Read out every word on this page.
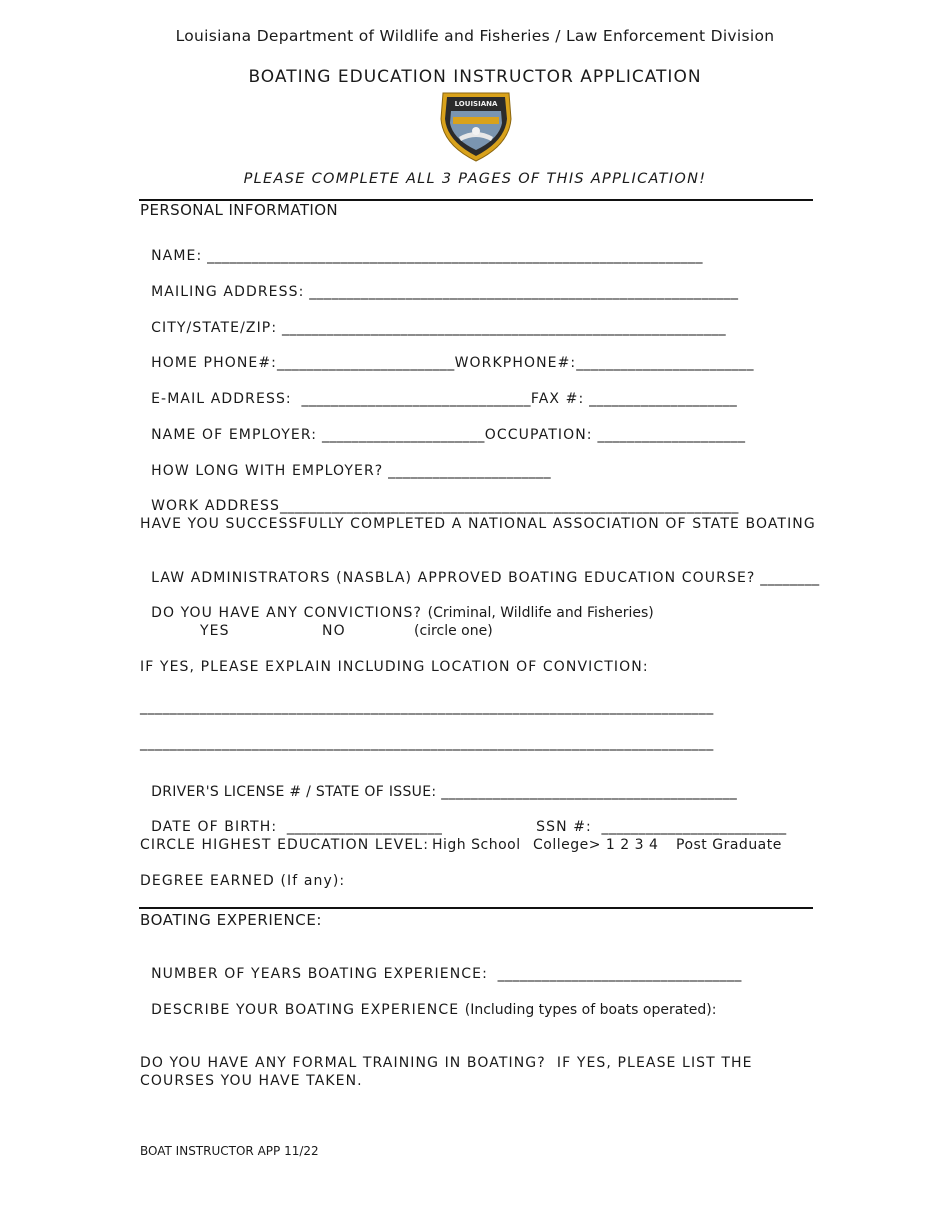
Louisiana Department of Wildlife and Fisheries / Law Enforcement Division
BOATING EDUCATION INSTRUCTOR APPLICATION
LOUISIANA
PLEASE COMPLETE ALL 3 PAGES OF THIS APPLICATION!
PERSONAL INFORMATION

NAME: ___________________________________________________________________

MAILING ADDRESS: __________________________________________________________

CITY/STATE/ZIP: ____________________________________________________________

HOME PHONE#:________________________WORKPHONE#:________________________

E-MAIL ADDRESS:  _______________________________FAX #: ____________________

NAME OF EMPLOYER: ______________________OCCUPATION: ____________________

HOW LONG WITH EMPLOYER? ______________________

WORK ADDRESS______________________________________________________________

HAVE YOU SUCCESSFULLY COMPLETED A NATIONAL ASSOCIATION OF STATE BOATING

LAW ADMINISTRATORS (NASBLA) APPROVED BOATING EDUCATION COURSE? ________

DO YOU HAVE ANY CONVICTIONS? (Criminal, Wildlife and Fisheries)

YES	NO	(circle one)
IF YES, PLEASE EXPLAIN INCLUDING LOCATION OF CONVICTION:
_____________________________________________________________________________
_____________________________________________________________________________

DRIVER'S LICENSE # / STATE OF ISSUE: ________________________________________

DATE OF BIRTH:  _____________________	SSN #:  _________________________

CIRCLE HIGHEST EDUCATION LEVEL: High School College> 1 2 3 4 Post Graduate
DEGREE EARNED (If any):
BOATING EXPERIENCE:

NUMBER OF YEARS BOATING EXPERIENCE:  _________________________________

DESCRIBE YOUR BOATING EXPERIENCE (Including types of boats operated):

DO YOU HAVE ANY FORMAL TRAINING IN BOATING?  IF YES, PLEASE LIST THE
COURSES YOU HAVE TAKEN.
BOAT INSTRUCTOR APP 11/22
